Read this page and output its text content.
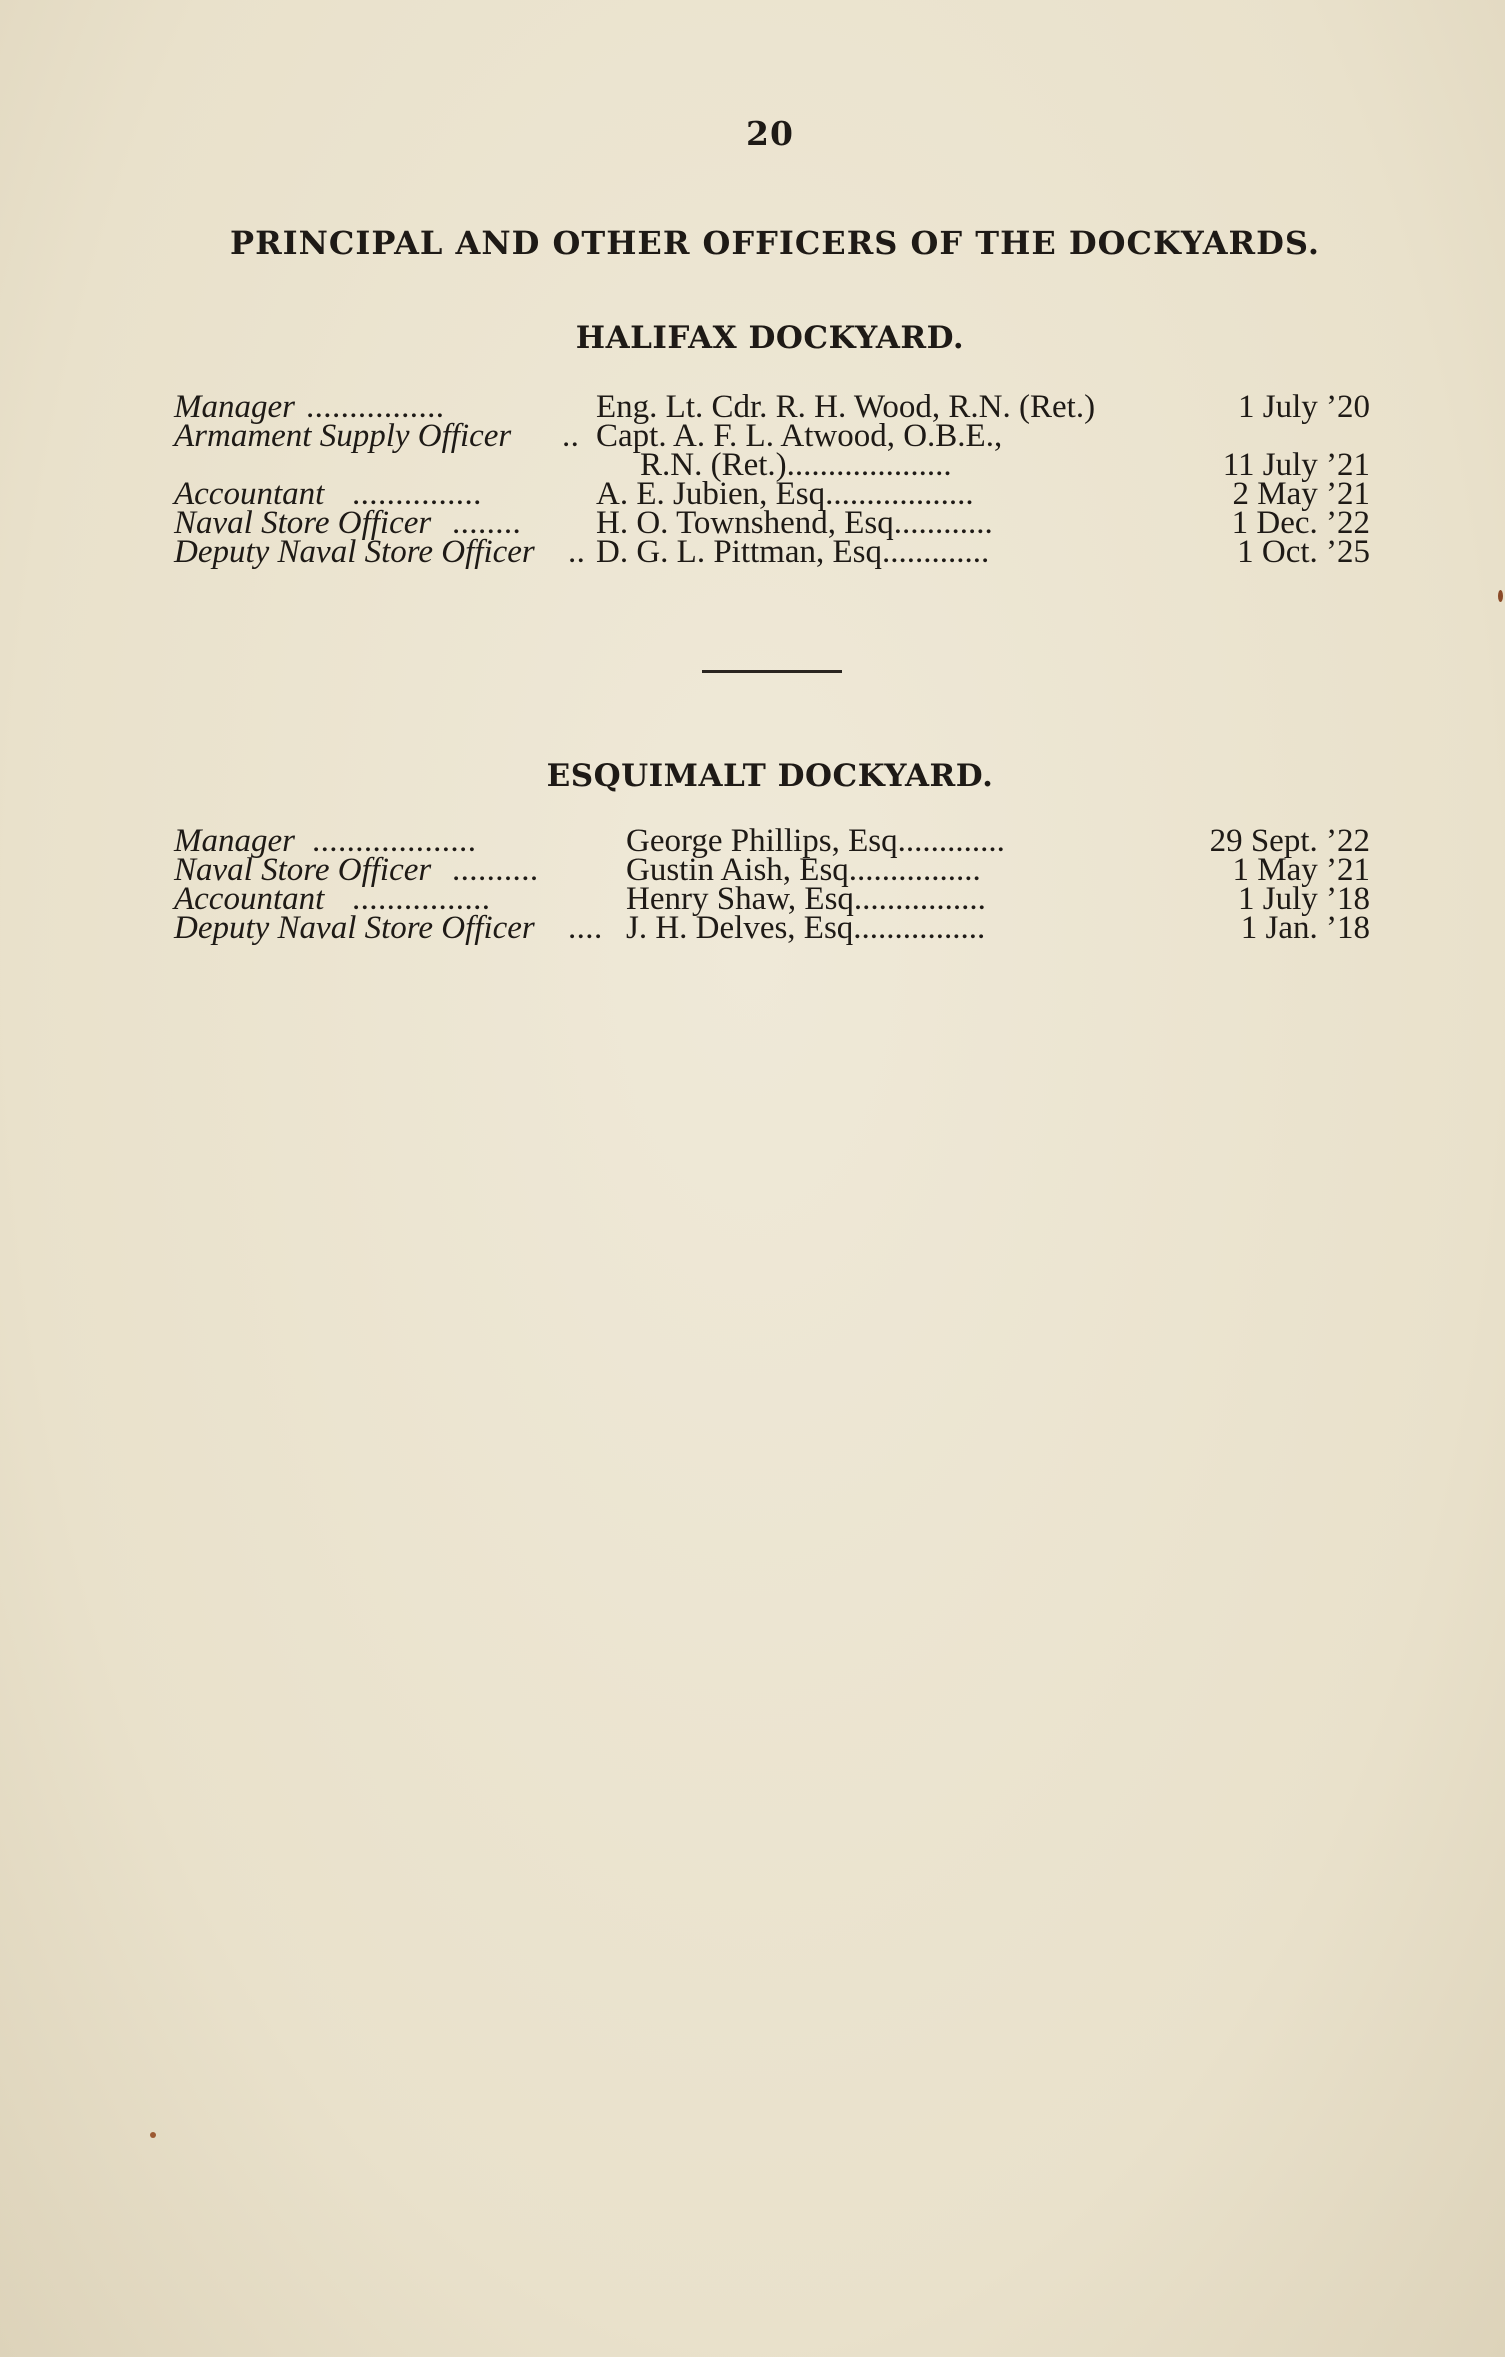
20
PRINCIPAL AND OTHER OFFICERS OF THE DOCKYARDS.
HALIFAX DOCKYARD.
Manager ................	Eng. Lt. Cdr. R. H. Wood, R.N. (Ret.)	1 July ’20
Armament Supply Officer .. Capt. A. F. L. Atwood, O.B.E.,
R.N. (Ret.)....................	11 July ’21
Accountant ...............	A. E. Jubien, Esq..................	2 May ’21
Naval Store Officer ........ H. O. Townshend, Esq............	1 Dec. ’22
Deputy Naval Store Officer .. D. G. L. Pittman, Esq.............	1 Oct. ’25
ESQUIMALT DOCKYARD.
Manager ...................	George Phillips, Esq.............	29 Sept. ’22
Naval Store Officer ..........	Gustin Aish, Esq................	1 May ’21
Accountant ................	Henry Shaw, Esq................	1 July ’18
Deputy Naval Store Officer .... J. H. Delves, Esq................	1 Jan. ’18
